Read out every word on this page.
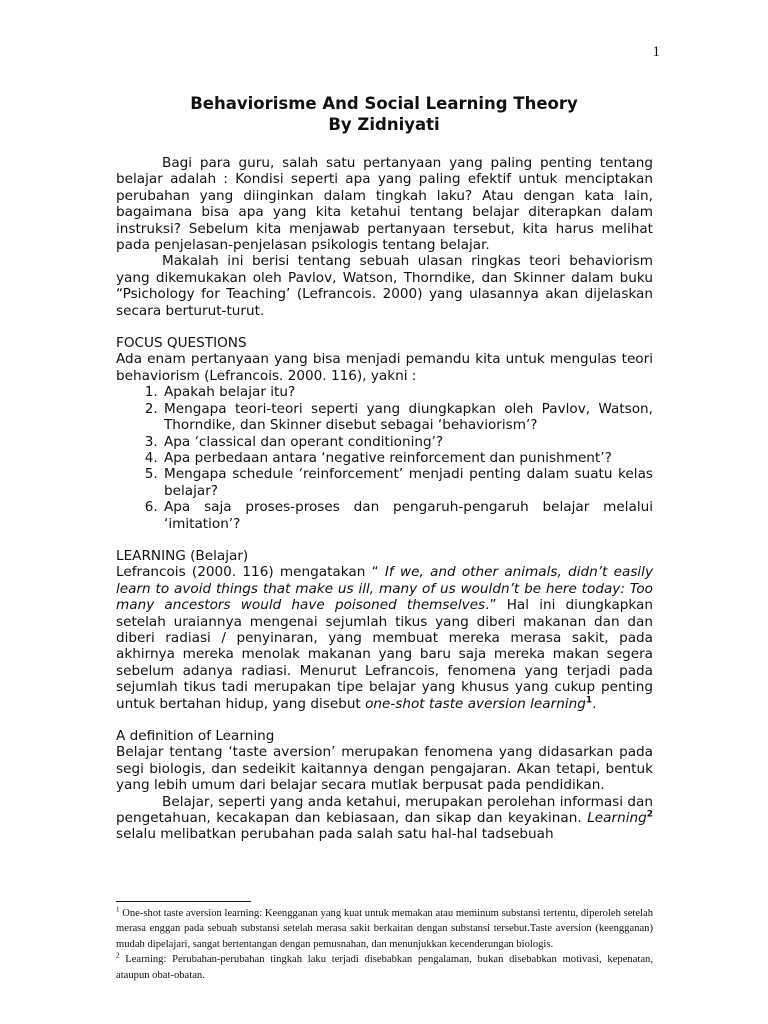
1
Behaviorisme And Social Learning Theory
By Zidniyati

Bagi para guru, salah satu pertanyaan yang paling penting tentang belajar adalah : Kondisi seperti apa yang paling efektif untuk menciptakan perubahan yang diinginkan dalam tingkah laku? Atau dengan kata lain, bagaimana bisa apa yang kita ketahui tentang belajar diterapkan dalam instruksi? Sebelum kita menjawab pertanyaan tersebut, kita harus melihat pada penjelasan-penjelasan psikologis tentang belajar.

Makalah ini berisi tentang sebuah ulasan ringkas teori behaviorism yang dikemukakan oleh Pavlov, Watson, Thorndike, dan Skinner dalam buku “Psichology for Teaching’ (Lefrancois. 2000) yang ulasannya akan dijelaskan secara berturut-turut.

FOCUS QUESTIONS

Ada enam pertanyaan yang bisa menjadi pemandu kita untuk mengulas teori behaviorism (Lefrancois. 2000. 116), yakni :

1. Apakah belajar itu?
2. Mengapa teori-teori seperti yang diungkapkan oleh Pavlov, Watson, Thorndike, dan Skinner disebut sebagai ‘behaviorism’?
3. Apa ‘classical dan operant conditioning’?
4. Apa perbedaan antara ‘negative reinforcement dan punishment’?
5. Mengapa schedule ‘reinforcement’ menjadi penting dalam suatu kelas belajar?
6. Apa saja proses-proses dan pengaruh-pengaruh belajar melalui ‘imitation’?

LEARNING (Belajar)

Lefrancois (2000. 116) mengatakan “ If we, and other animals, didn’t easily learn to avoid things that make us ill, many of us wouldn’t be here today: Too many ancestors would have poisoned themselves.” Hal ini diungkapkan setelah uraiannya mengenai sejumlah tikus yang diberi makanan dan dan diberi radiasi / penyinaran, yang membuat mereka merasa sakit, pada akhirnya mereka menolak makanan yang baru saja mereka makan segera sebelum adanya radiasi. Menurut Lefrancois, fenomena yang terjadi pada sejumlah tikus tadi merupakan tipe belajar yang khusus yang cukup penting untuk bertahan hidup, yang disebut one-shot taste aversion learning$^1$.

A definition of Learning

Belajar tentang ‘taste aversion’ merupakan fenomena yang didasarkan pada segi biologis, dan sedeikit kaitannya dengan pengajaran. Akan tetapi, bentuk yang lebih umum dari belajar secara mutlak berpusat pada pendidikan.

Belajar, seperti yang anda ketahui, merupakan perolehan informasi dan pengetahuan, kecakapan dan kebiasaan, dan sikap dan keyakinan. Learning$^2$ selalu melibatkan perubahan pada salah satu hal-hal tadsebuah

$^1$ One-shot taste aversion learning: Keengganan yang kuat untuk memakan atau meminum substansi tertentu, diperoleh setelah merasa enggan pada sebuah substansi setelah merasa sakit berkaitan dengan substansi tersebut.Taste aversion (keengganan) mudah dipelajari, sangat bertentangan dengan pemusnahan, dan menunjukkan kecenderungan biologis.

$^2$ Learning: Perubahan-perubahan tingkah laku terjadi disebabkan pengalaman, bukan disebabkan motivasi, kepenatan, ataupun obat-obatan.
